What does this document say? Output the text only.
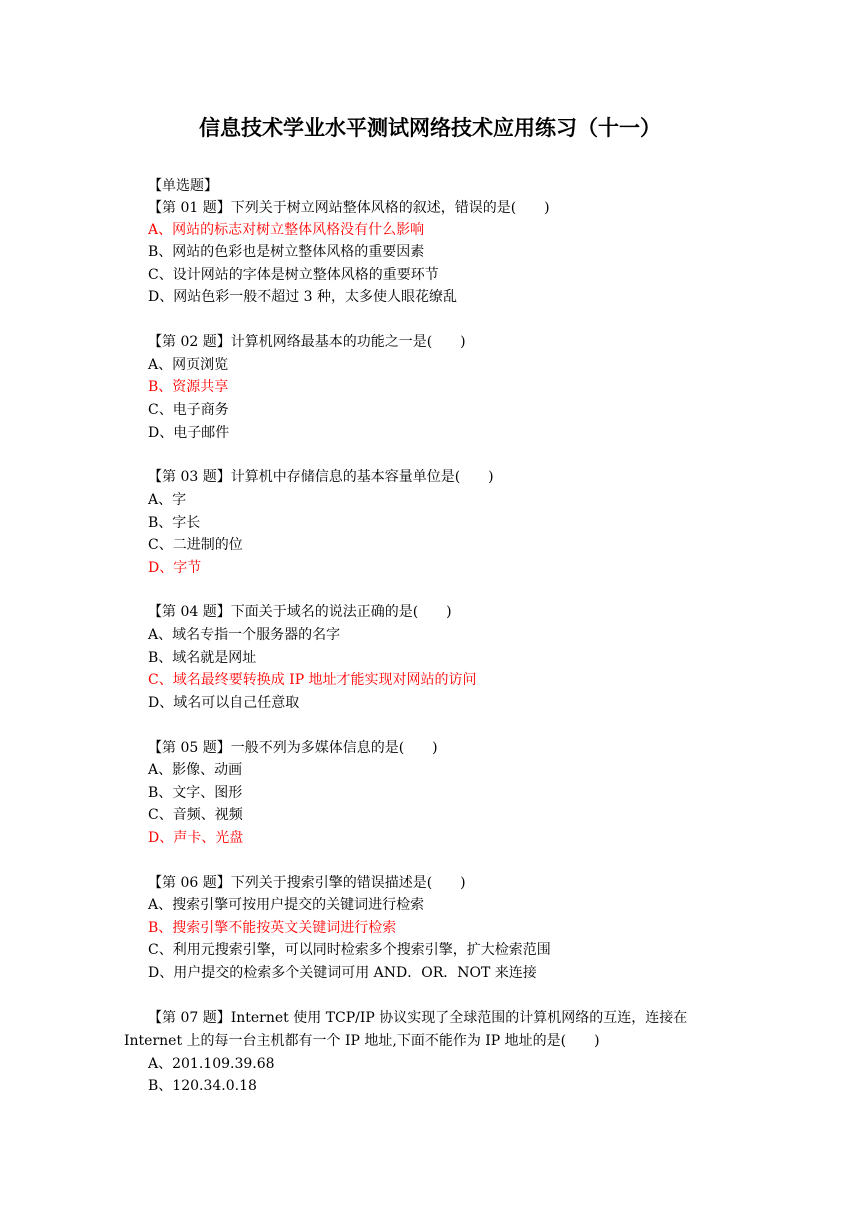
信息技术学业水平测试网络技术应用练习（十一）
【单选题】
【第 01 题】下列关于树立网站整体风格的叙述，错误的是(　　)
A、网站的标志对树立整体风格没有什么影响
B、网站的色彩也是树立整体风格的重要因素
C、设计网站的字体是树立整体风格的重要环节
D、网站色彩一般不超过 3 种，太多使人眼花缭乱
【第 02 题】计算机网络最基本的功能之一是(　　)
A、网页浏览
B、资源共享
C、电子商务
D、电子邮件
【第 03 题】计算机中存储信息的基本容量单位是(　　)
A、字
B、字长
C、二进制的位
D、字节
【第 04 题】下面关于域名的说法正确的是(　　)
A、域名专指一个服务器的名字
B、域名就是网址
C、域名最终要转换成 IP 地址才能实现对网站的访问
D、域名可以自己任意取
【第 05 题】一般不列为多媒体信息的是(　　)
A、影像、动画
B、文字、图形
C、音频、视频
D、声卡、光盘
【第 06 题】下列关于搜索引擎的错误描述是(　　)
A、搜索引擎可按用户提交的关键词进行检索
B、搜索引擎不能按英文关键词进行检索
C、利用元搜索引擎，可以同时检索多个搜索引擎，扩大检索范围
D、用户提交的检索多个关键词可用 AND．OR．NOT 来连接

【第 07 题】Internet 使用 TCP/IP 协议实现了全球范围的计算机网络的互连，连接在 Internet 上的每一台主机都有一个 IP 地址,下面不能作为 IP 地址的是(　　)

A、201.109.39.68
B、120.34.0.18
